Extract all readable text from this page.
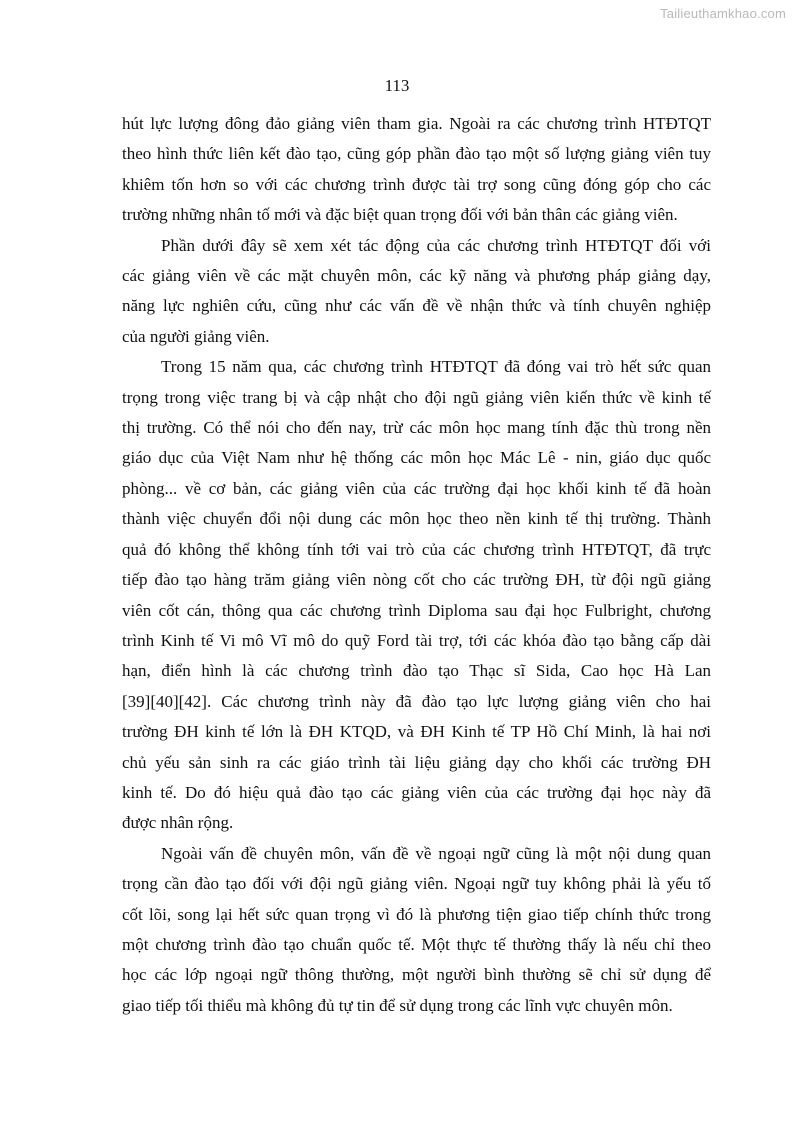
Tailieuthamkhao.com
113
hút lực lượng đông đảo giảng viên tham gia. Ngoài ra các chương trình HTĐTQT
theo hình thức liên kết đào tạo, cũng góp phần đào tạo một số lượng giảng viên tuy
khiêm tốn hơn so với các chương trình được tài trợ song cũng đóng góp cho các
trường những nhân tố mới và đặc biệt quan trọng đối với bản thân các giảng viên.
Phần dưới đây sẽ xem xét tác động của các chương trình HTĐTQT đối với
các giảng viên về các mặt chuyên môn, các kỹ năng và phương pháp giảng dạy,
năng lực nghiên cứu, cũng như các vấn đề về nhận thức và tính chuyên nghiệp
của người giảng viên.
Trong 15 năm qua, các chương trình HTĐTQT đã đóng vai trò hết sức quan
trọng trong việc trang bị và cập nhật cho đội ngũ giảng viên kiến thức về kinh tế
thị trường. Có thể nói cho đến nay, trừ các môn học mang tính đặc thù trong nền
giáo dục của Việt Nam như hệ thống các môn học Mác Lê - nin, giáo dục quốc
phòng... về cơ bản, các giảng viên của các trường đại học khối kinh tế đã hoàn
thành việc chuyển đổi nội dung các môn học theo nền kinh tế thị trường. Thành
quả đó không thể không tính tới vai trò của các chương trình HTĐTQT, đã trực
tiếp đào tạo hàng trăm giảng viên nòng cốt cho các trường ĐH, từ đội ngũ giảng
viên cốt cán, thông qua các chương trình Diploma sau đại học Fulbright, chương
trình Kinh tế Vi mô Vĩ mô do quỹ Ford tài trợ, tới các khóa đào tạo bằng cấp dài
hạn, điển hình là các chương trình đào tạo Thạc sĩ Sida, Cao học Hà Lan
[39][40][42]. Các chương trình này đã đào tạo lực lượng giảng viên cho hai
trường ĐH kinh tế lớn là ĐH KTQD, và ĐH Kinh tế TP Hồ Chí Minh, là hai nơi
chủ yếu sản sinh ra các giáo trình tài liệu giảng dạy cho khối các trường ĐH
kinh tế. Do đó hiệu quả đào tạo các giảng viên của các trường đại học này đã
được nhân rộng.
Ngoài vấn đề chuyên môn, vấn đề về ngoại ngữ cũng là một nội dung quan
trọng cần đào tạo đối với đội ngũ giảng viên. Ngoại ngữ tuy không phải là yếu tố
cốt lõi, song lại hết sức quan trọng vì đó là phương tiện giao tiếp chính thức trong
một chương trình đào tạo chuẩn quốc tế. Một thực tế thường thấy là nếu chỉ theo
học các lớp ngoại ngữ thông thường, một người bình thường sẽ chỉ sử dụng để
giao tiếp tối thiểu mà không đủ tự tin để sử dụng trong các lĩnh vực chuyên môn.
